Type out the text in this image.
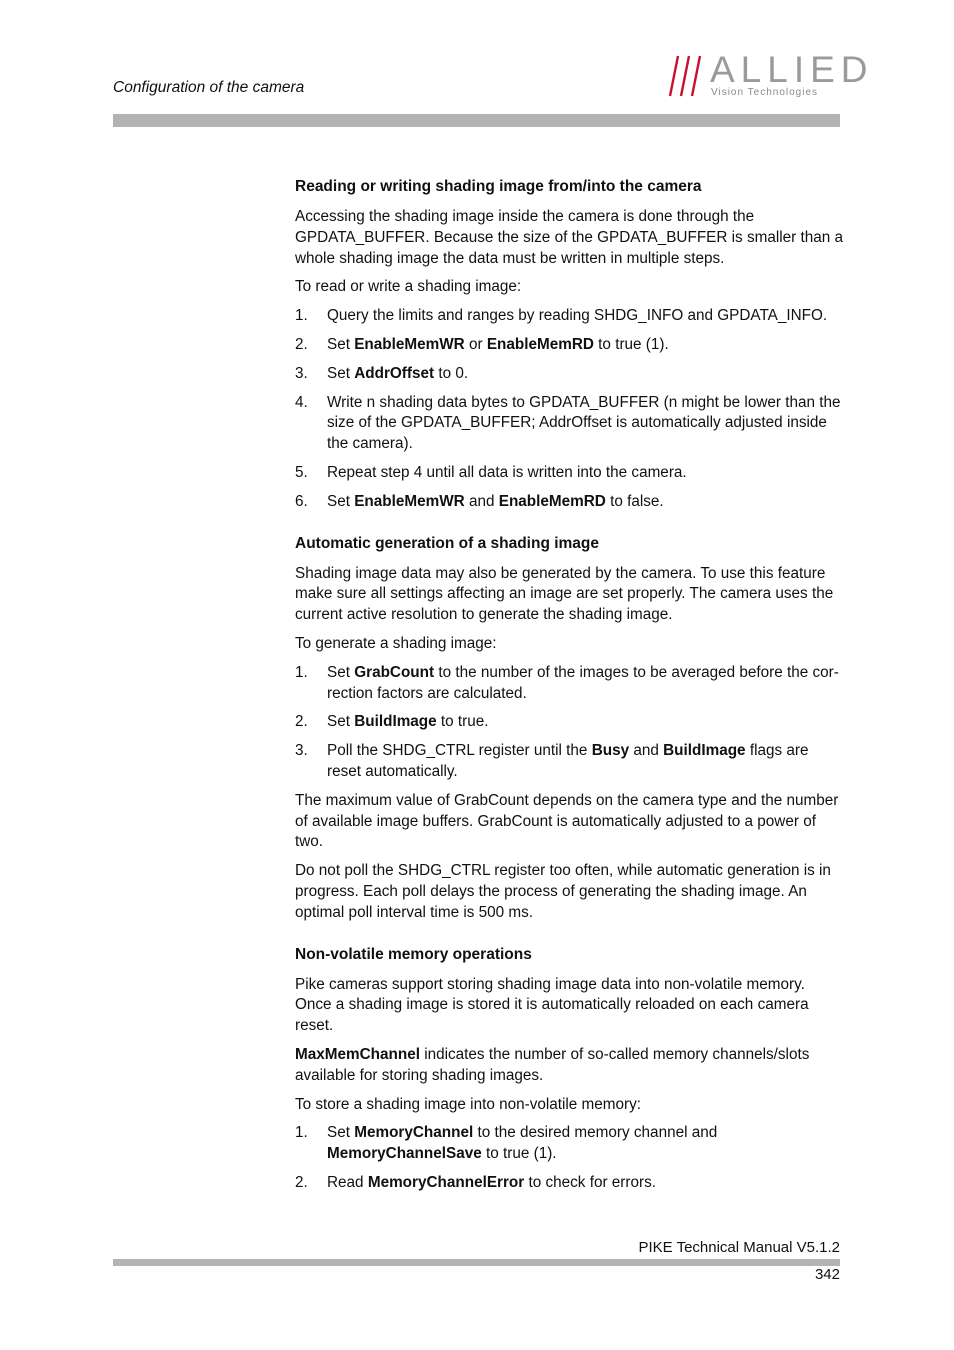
Configuration of the camera	ALLIED
Vision Technologies
Reading or writing shading image from/into the camera

Accessing the shading image inside the camera is done through the GPDATA_BUFFER. Because the size of the GPDATA_BUFFER is smaller than a whole shading image the data must be written in multiple steps.

To read or write a shading image:

1. Query the limits and ranges by reading SHDG_INFO and GPDATA_INFO.
2. Set EnableMemWR or EnableMemRD to true (1).
3. Set AddrOffset to 0.
4. Write n shading data bytes to GPDATA_BUFFER (n might be lower than the size of the GPDATA_BUFFER; AddrOffset is automatically adjusted inside the camera).
5. Repeat step 4 until all data is written into the camera.
6. Set EnableMemWR and EnableMemRD to false.
Automatic generation of a shading image

Shading image data may also be generated by the camera. To use this feature make sure all settings affecting an image are set properly. The camera uses the current active resolution to generate the shading image.

To generate a shading image:

1. Set GrabCount to the number of the images to be averaged before the cor-rection factors are calculated.
2. Set BuildImage to true.
3. Poll the SHDG_CTRL register until the Busy and BuildImage flags are reset automatically.

The maximum value of GrabCount depends on the camera type and the number of available image buffers. GrabCount is automatically adjusted to a power of two.

Do not poll the SHDG_CTRL register too often, while automatic generation is in progress. Each poll delays the process of generating the shading image. An optimal poll interval time is 500 ms.

Non-volatile memory operations

Pike cameras support storing shading image data into non-volatile memory. Once a shading image is stored it is automatically reloaded on each camera reset.

MaxMemChannel indicates the number of so-called memory channels/slots available for storing shading images.

To store a shading image into non-volatile memory:

1. Set MemoryChannel to the desired memory channel and MemoryChannelSave to true (1).
2. Read MemoryChannelError to check for errors.
PIKE Technical Manual V5.1.2
342
